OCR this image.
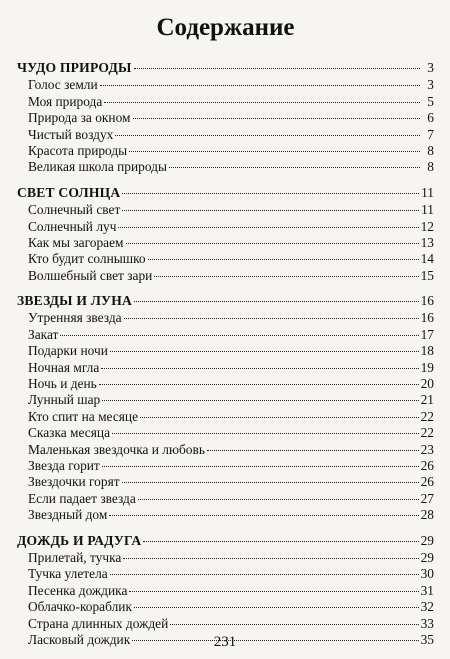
Содержание
ЧУДО ПРИРОДЫ	3
Голос земли	3
Моя природа	5
Природа за окном	6
Чистый воздух	7
Красота природы	8
Великая школа природы	8
СВЕТ СОЛНЦА	11
Солнечный свет	11
Солнечный луч	12
Как мы загораем	13
Кто будит солнышко	14
Волшебный свет зари	15
ЗВЕЗДЫ И ЛУНА	16
Утренняя звезда	16
Закат	17
Подарки ночи	18
Ночная мгла	19
Ночь и день	20
Лунный шар	21
Кто спит на месяце	22
Сказка месяца	22
Маленькая звездочка и любовь	23
Звезда горит	26
Звездочки горят	26
Если падает звезда	27
Звездный дом	28
ДОЖДЬ И РАДУГА	29
Прилетай, тучка	29
Тучка улетела	30
Песенка дождика	31
Облачко-кораблик	32
Страна длинных дождей	33
Ласковый дождик	35
231
